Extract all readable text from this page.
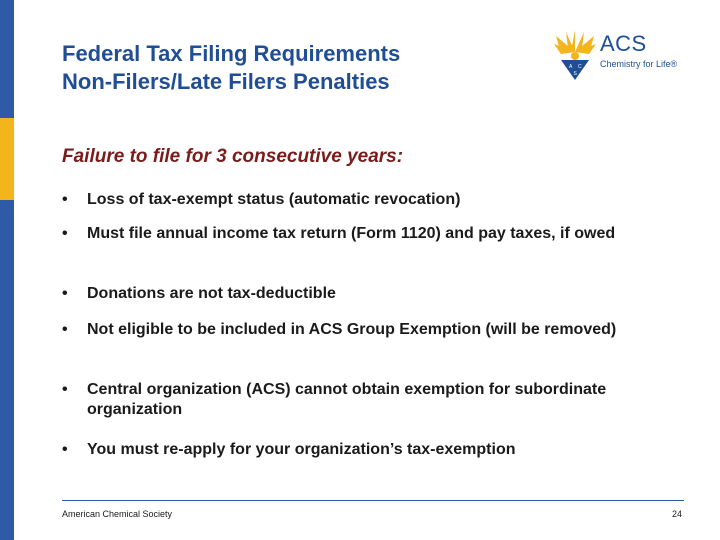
Federal Tax Filing Requirements
Non-Filers/Late Filers Penalties
A C
S
ACS
Chemistry for Life®
Failure to file for 3 consecutive years:
•	Loss of tax-exempt status (automatic revocation)
•	Must file annual income tax return (Form 1120) and pay taxes, if owed
•	Donations are not tax-deductible
•	Not eligible to be included in ACS Group Exemption (will be removed)
•	Central organization (ACS) cannot obtain exemption for subordinate organization
•	You must re-apply for your organization’s tax-exemption
American Chemical Society	24
